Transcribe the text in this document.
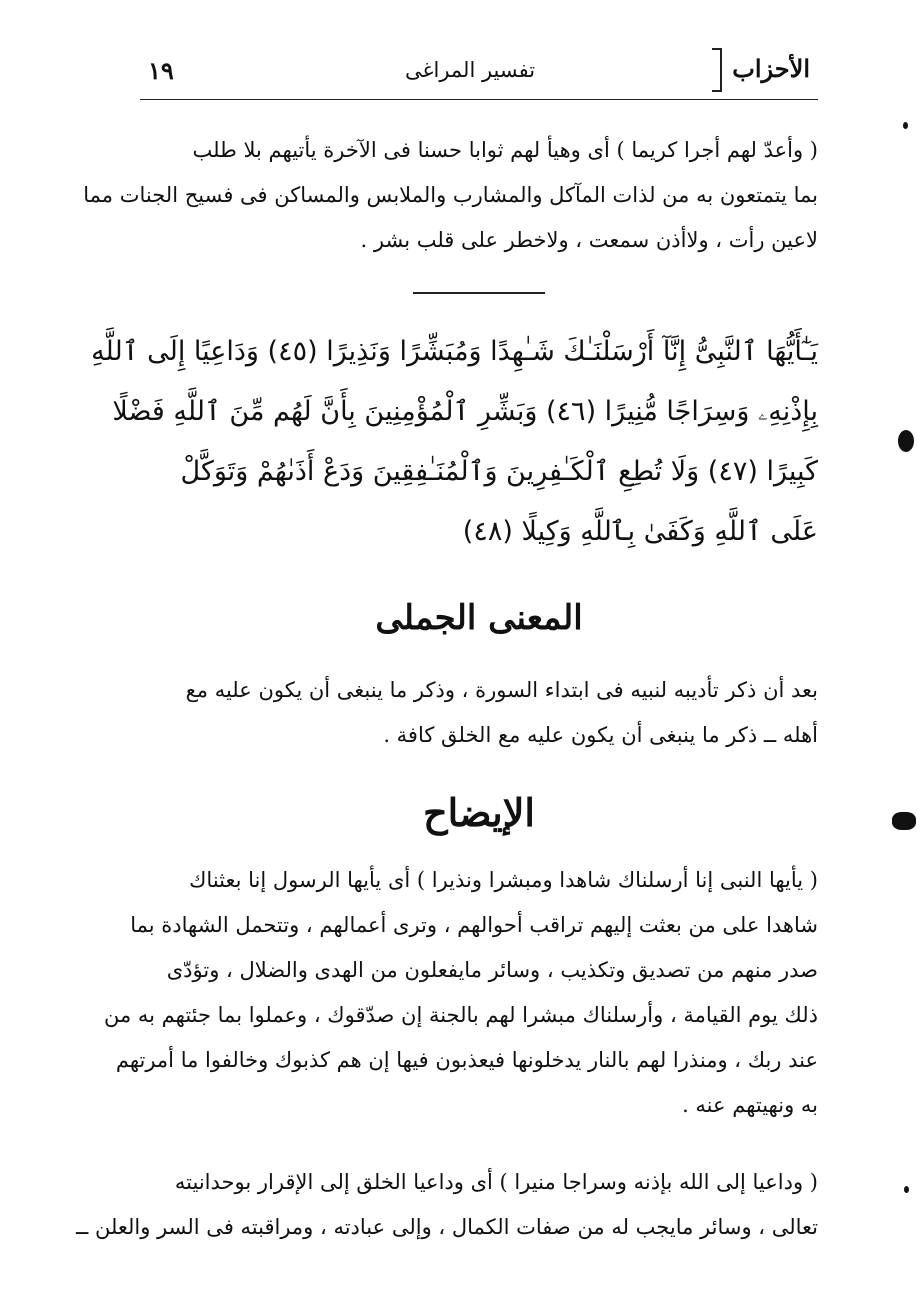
الأحزاب
تفسير المراغى
١٩
( وأعدّ لهم أجرا كريما ) أى وهيأ لهم ثوابا حسنا فى الآخرة يأتيهم بلا طلب
بما يتمتعون به من لذات المآكل والمشارب والملابس والمساكن فى فسيح الجنات مما
لاعين رأت ، ولاأذن سمعت ، ولاخطر على قلب بشر .
يَـٰٓأَيُّهَا ٱلنَّبِىُّ إِنَّآ أَرْسَلْنَـٰكَ شَـٰهِدًا وَمُبَشِّرًا وَنَذِيرًا (٤٥) وَدَاعِيًا إِلَى ٱللَّهِ
بِإِذْنِهِۦ وَسِرَاجًا مُّنِيرًا (٤٦) وَبَشِّرِ ٱلْمُؤْمِنِينَ بِأَنَّ لَهُم مِّنَ ٱللَّهِ فَضْلًا
كَبِيرًا (٤٧) وَلَا تُطِعِ ٱلْكَـٰفِرِينَ وَٱلْمُنَـٰفِقِينَ وَدَعْ أَذَىٰهُمْ وَتَوَكَّلْ
عَلَى ٱللَّهِ وَكَفَىٰ بِٱللَّهِ وَكِيلًا (٤٨)
المعنى الجملى
بعد أن ذكر تأديبه لنبيه فى ابتداء السورة ، وذكر ما ينبغى أن يكون عليه مع
أهله ــ ذكر ما ينبغى أن يكون عليه مع الخلق كافة .
الإيضاح
( يأيها النبى إنا أرسلناك شاهدا ومبشرا ونذيرا ) أى يأيها الرسول إنا بعثناك
شاهدا على من بعثت إليهم تراقب أحوالهم ، وترى أعمالهم ، وتتحمل الشهادة بما
صدر منهم من تصديق وتكذيب ، وسائر مايفعلون من الهدى والضلال ، وتؤدّى
ذلك يوم القيامة ، وأرسلناك مبشرا لهم بالجنة إن صدّقوك ، وعملوا بما جئتهم به من
عند ربك ، ومنذرا لهم بالنار يدخلونها فيعذبون فيها إن هم كذبوك وخالفوا ما أمرتهم
به ونهيتهم عنه .
( وداعيا إلى الله بإذنه وسراجا منيرا ) أى وداعيا الخلق إلى الإقرار بوحدانيته
تعالى ، وسائر مايجب له من صفات الكمال ، وإلى عبادته ، ومراقبته فى السر والعلن ــ
